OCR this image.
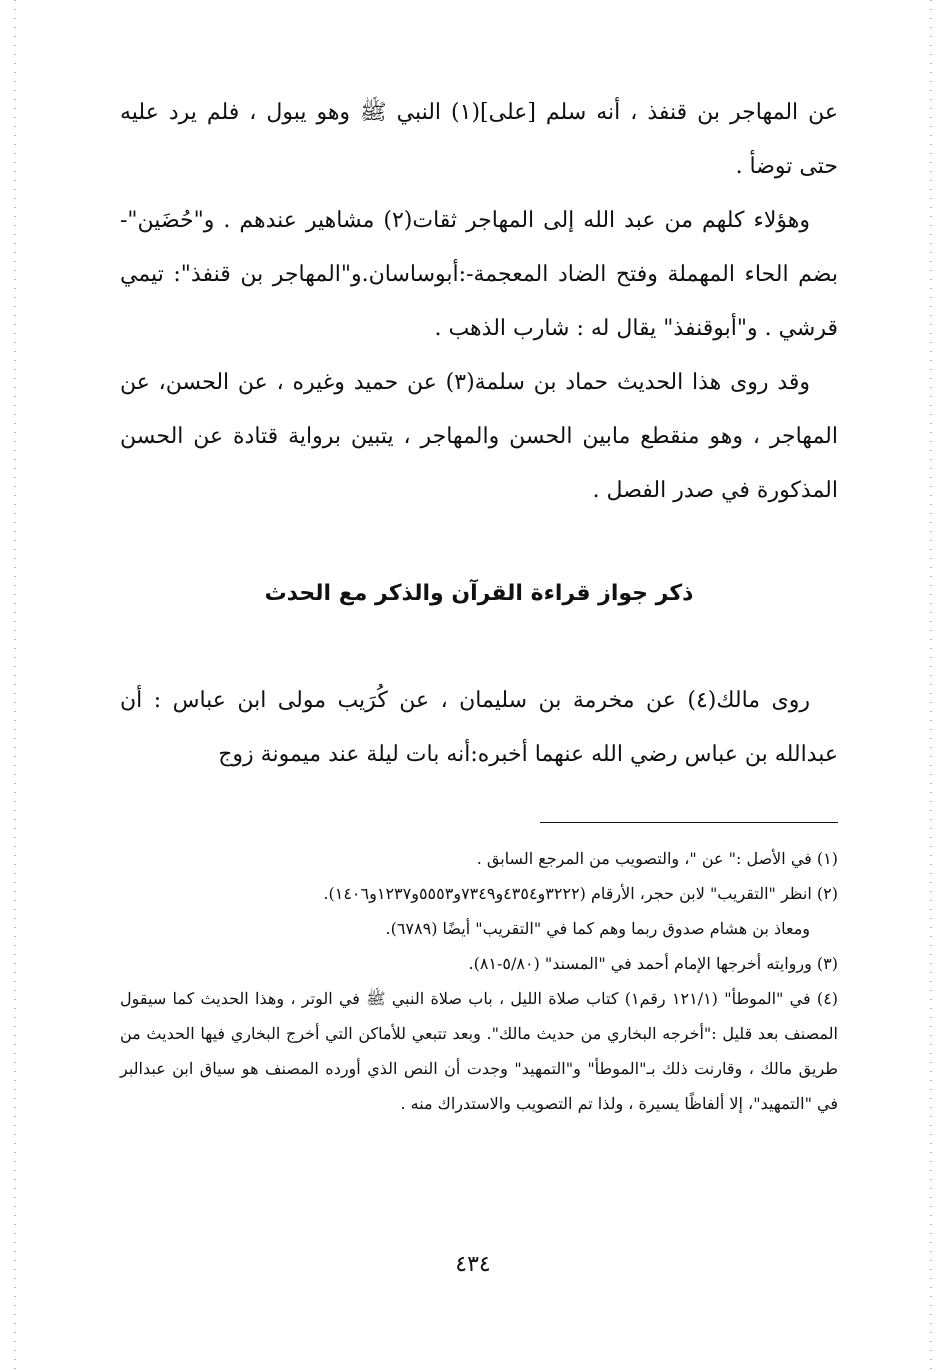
عن المهاجر بن قنفذ ، أنه سلم [على](١) النبي ﷺ وهو يبول ، فلم يرد عليه حتى توضأ .

وهؤلاء كلهم من عبد الله إلى المهاجر ثقات(٢) مشاهير عندهم . و"حُضَين"- بضم الحاء المهملة وفتح الضاد المعجمة-:أبوساسان.و"المهاجر بن قنفذ": تيمي قرشي . و"أبوقنفذ" يقال له : شارب الذهب .

وقد روى هذا الحديث حماد بن سلمة(٣) عن حميد وغيره ، عن الحسن، عن المهاجر ، وهو منقطع مابين الحسن والمهاجر ، يتبين برواية قتادة عن الحسن المذكورة في صدر الفصل .

ذكر جواز قراءة القرآن والذكر مع الحدث

روى مالك(٤) عن مخرمة بن سليمان ، عن كُرَيب مولى ابن عباس : أن عبدالله بن عباس رضي الله عنهما أخبره:أنه بات ليلة عند ميمونة زوج

(١) في الأصل :" عن "، والتصويب من المرجع السابق .

(٢) انظر "التقريب" لابن حجر، الأرقام (٣٢٢٢و٤٣٥٤و٧٣٤٩و٥٥٥٣و١٢٣٧و١٤٠٦).

ومعاذ بن هشام صدوق ربما وهم كما في "التقريب" أيضًا (٦٧٨٩).

(٣) وروايته أخرجها الإمام أحمد في "المسند" (٥/٨٠-٨١).

(٤) في "الموطأ" (١٢١/١ رقم١) كتاب صلاة الليل ، باب صلاة النبي ﷺ في الوتر ، وهذا الحديث كما سيقول المصنف بعد قليل :"أخرجه البخاري من حديث مالك". وبعد تتبعي للأماكن التي أخرج البخاري فيها الحديث من طريق مالك ، وقارنت ذلك بـ"الموطأ" و"التمهيد" وجدت أن النص الذي أورده المصنف هو سياق ابن عبدالبر في "التمهيد"، إلا ألفاظًا يسيرة ، ولذا تم التصويب والاستدراك منه .

٤٣٤
